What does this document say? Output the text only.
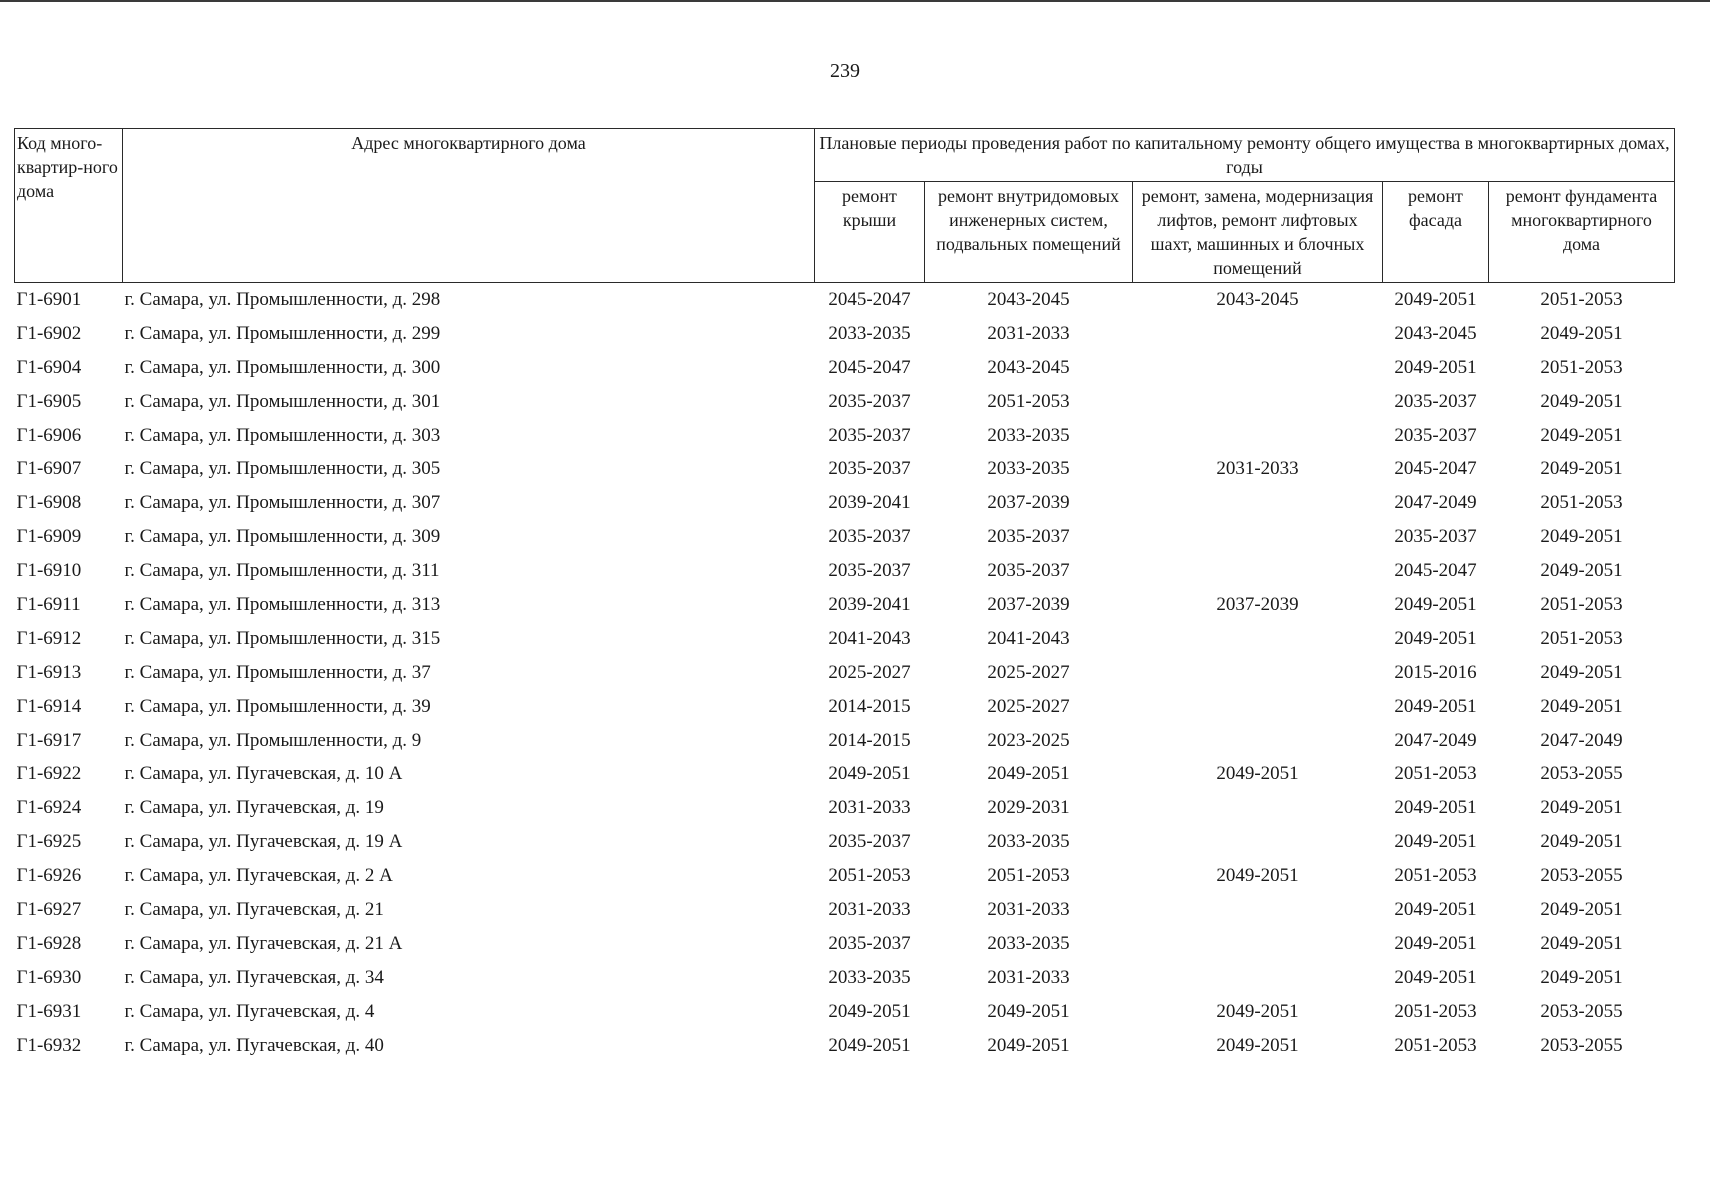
239
Код много-квартир-ного дома	Адрес многоквартирного дома	Плановые периоды проведения работ по капитальному ремонту общего имущества в многоквартирных домах, годы				
		ремонт крыши	ремонт внутридомовых инженерных систем, подвальных помещений	ремонт, замена, модернизация лифтов, ремонт лифтовых шахт, машинных и блочных помещений	ремонт фасада	ремонт фундамента многоквартирного дома
Г1-6901	г. Самара, ул. Промышленности, д. 298	2045-2047	2043-2045	2043-2045	2049-2051	2051-2053
Г1-6902	г. Самара, ул. Промышленности, д. 299	2033-2035	2031-2033		2043-2045	2049-2051
Г1-6904	г. Самара, ул. Промышленности, д. 300	2045-2047	2043-2045		2049-2051	2051-2053
Г1-6905	г. Самара, ул. Промышленности, д. 301	2035-2037	2051-2053		2035-2037	2049-2051
Г1-6906	г. Самара, ул. Промышленности, д. 303	2035-2037	2033-2035		2035-2037	2049-2051
Г1-6907	г. Самара, ул. Промышленности, д. 305	2035-2037	2033-2035	2031-2033	2045-2047	2049-2051
Г1-6908	г. Самара, ул. Промышленности, д. 307	2039-2041	2037-2039		2047-2049	2051-2053
Г1-6909	г. Самара, ул. Промышленности, д. 309	2035-2037	2035-2037		2035-2037	2049-2051
Г1-6910	г. Самара, ул. Промышленности, д. 311	2035-2037	2035-2037		2045-2047	2049-2051
Г1-6911	г. Самара, ул. Промышленности, д. 313	2039-2041	2037-2039	2037-2039	2049-2051	2051-2053
Г1-6912	г. Самара, ул. Промышленности, д. 315	2041-2043	2041-2043		2049-2051	2051-2053
Г1-6913	г. Самара, ул. Промышленности, д. 37	2025-2027	2025-2027		2015-2016	2049-2051
Г1-6914	г. Самара, ул. Промышленности, д. 39	2014-2015	2025-2027		2049-2051	2049-2051
Г1-6917	г. Самара, ул. Промышленности, д. 9	2014-2015	2023-2025		2047-2049	2047-2049
Г1-6922	г. Самара, ул. Пугачевская, д. 10 А	2049-2051	2049-2051	2049-2051	2051-2053	2053-2055
Г1-6924	г. Самара, ул. Пугачевская, д. 19	2031-2033	2029-2031		2049-2051	2049-2051
Г1-6925	г. Самара, ул. Пугачевская, д. 19 А	2035-2037	2033-2035		2049-2051	2049-2051
Г1-6926	г. Самара, ул. Пугачевская, д. 2 А	2051-2053	2051-2053	2049-2051	2051-2053	2053-2055
Г1-6927	г. Самара, ул. Пугачевская, д. 21	2031-2033	2031-2033		2049-2051	2049-2051
Г1-6928	г. Самара, ул. Пугачевская, д. 21 А	2035-2037	2033-2035		2049-2051	2049-2051
Г1-6930	г. Самара, ул. Пугачевская, д. 34	2033-2035	2031-2033		2049-2051	2049-2051
Г1-6931	г. Самара, ул. Пугачевская, д. 4	2049-2051	2049-2051	2049-2051	2051-2053	2053-2055
Г1-6932	г. Самара, ул. Пугачевская, д. 40	2049-2051	2049-2051	2049-2051	2051-2053	2053-2055
